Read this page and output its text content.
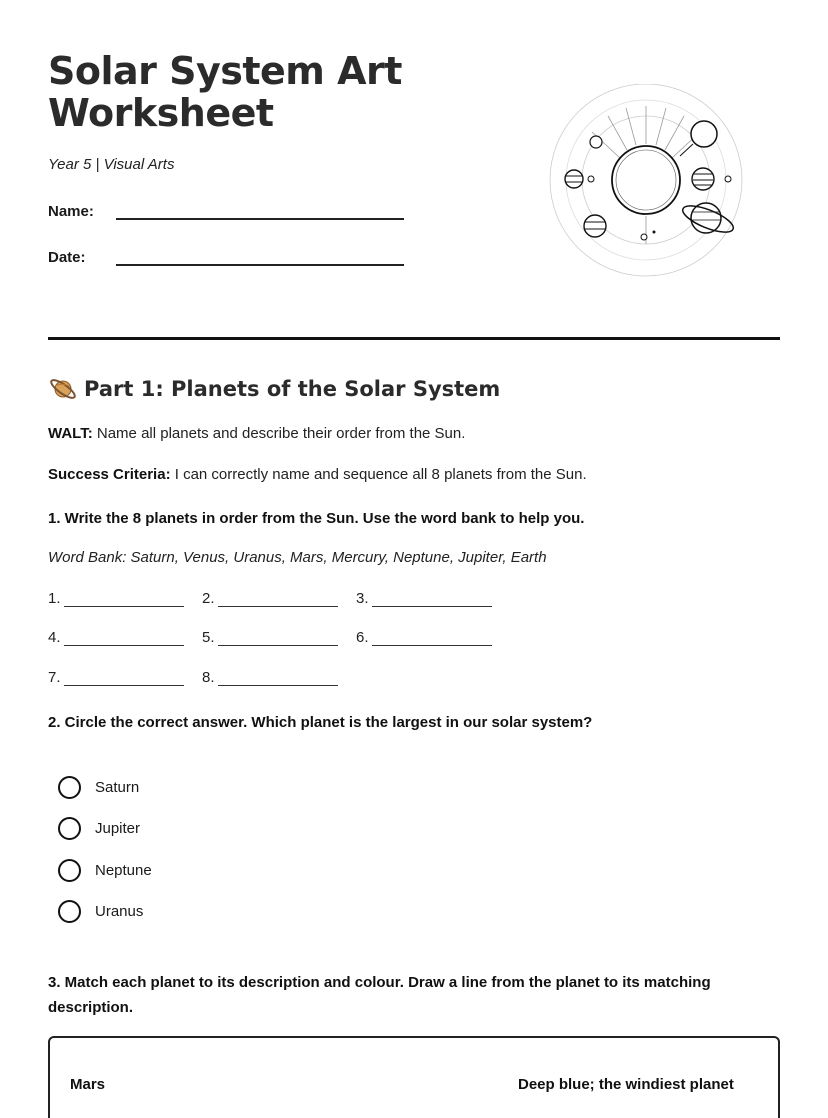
Solar System Art Worksheet
Year 5 | Visual Arts
Name:
Date:
Part 1: Planets of the Solar System
WALT: Name all planets and describe their order from the Sun.
Success Criteria: I can correctly name and sequence all 8 planets from the Sun.
1. Write the 8 planets in order from the Sun. Use the word bank to help you.
Word Bank: Saturn, Venus, Uranus, Mars, Mercury, Neptune, Jupiter, Earth
1.	2.	3.
4.	5.	6.
7.	8.
2. Circle the correct answer. Which planet is the largest in our solar system?
Saturn
Jupiter
Neptune
Uranus
3. Match each planet to its description and colour. Draw a line from the planet to its matching description.
Mars	Deep blue; the windiest planet
